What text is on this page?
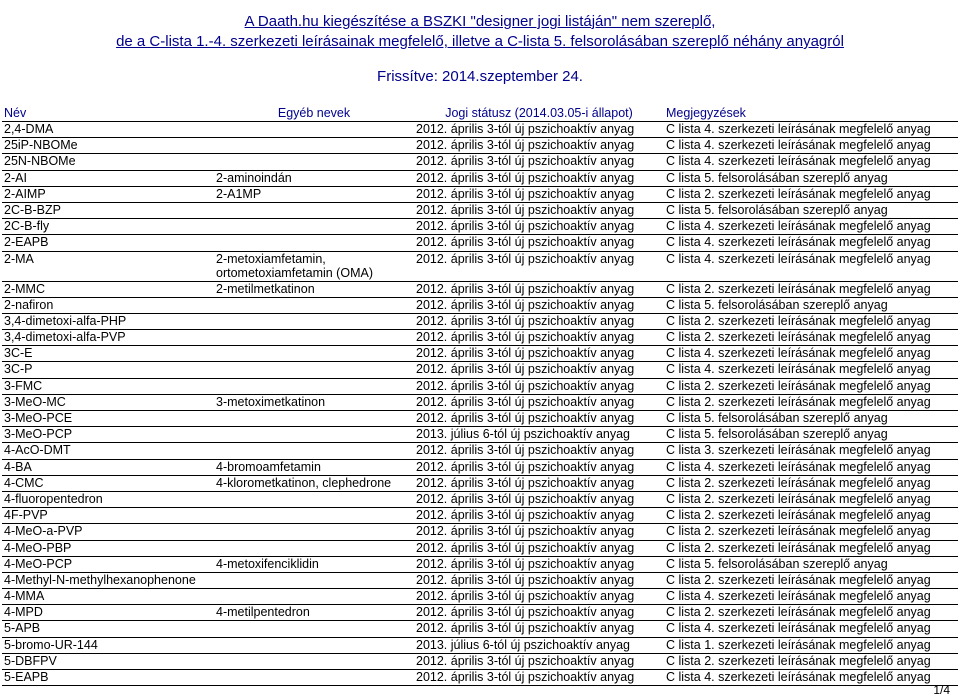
A Daath.hu kiegészítése a BSZKI "designer jogi listáján" nem szereplő,
de a C-lista 1.-4. szerkezeti leírásainak megfelelő, illetve a C-lista 5. felsorolásában szereplő néhány anyagról
Frissítve: 2014.szeptember 24.
Név	Egyéb nevek	Jogi státusz (2014.03.05-i állapot)	Megjegyzések
2,4-DMA		2012. április 3-tól új pszichoaktív anyag	C lista 4. szerkezeti leírásának megfelelő anyag
25iP-NBOMe		2012. április 3-tól új pszichoaktív anyag	C lista 4. szerkezeti leírásának megfelelő anyag
25N-NBOMe		2012. április 3-tól új pszichoaktív anyag	C lista 4. szerkezeti leírásának megfelelő anyag
2-AI	2-aminoindán	2012. április 3-tól új pszichoaktív anyag	C lista 5. felsorolásában szereplő anyag
2-AIMP	2-A1MP	2012. április 3-tól új pszichoaktív anyag	C lista 2. szerkezeti leírásának megfelelő anyag
2C-B-BZP		2012. április 3-tól új pszichoaktív anyag	C lista 5. felsorolásában szereplő anyag
2C-B-fly		2012. április 3-tól új pszichoaktív anyag	C lista 4. szerkezeti leírásának megfelelő anyag
2-EAPB		2012. április 3-tól új pszichoaktív anyag	C lista 4. szerkezeti leírásának megfelelő anyag
2-MA	2-metoxiamfetamin, ortometoxiamfetamin (OMA)	2012. április 3-tól új pszichoaktív anyag	C lista 4. szerkezeti leírásának megfelelő anyag
2-MMC	2-metilmetkatinon	2012. április 3-tól új pszichoaktív anyag	C lista 2. szerkezeti leírásának megfelelő anyag
2-nafiron		2012. április 3-tól új pszichoaktív anyag	C lista 5. felsorolásában szereplő anyag
3,4-dimetoxi-alfa-PHP		2012. április 3-tól új pszichoaktív anyag	C lista 2. szerkezeti leírásának megfelelő anyag
3,4-dimetoxi-alfa-PVP		2012. április 3-tól új pszichoaktív anyag	C lista 2. szerkezeti leírásának megfelelő anyag
3C-E		2012. április 3-tól új pszichoaktív anyag	C lista 4. szerkezeti leírásának megfelelő anyag
3C-P		2012. április 3-tól új pszichoaktív anyag	C lista 4. szerkezeti leírásának megfelelő anyag
3-FMC		2012. április 3-tól új pszichoaktív anyag	C lista 2. szerkezeti leírásának megfelelő anyag
3-MeO-MC	3-metoximetkatinon	2012. április 3-tól új pszichoaktív anyag	C lista 2. szerkezeti leírásának megfelelő anyag
3-MeO-PCE		2012. április 3-tól új pszichoaktív anyag	C lista 5. felsorolásában szereplő anyag
3-MeO-PCP		2013. július 6-tól új pszichoaktív anyag	C lista 5. felsorolásában szereplő anyag
4-AcO-DMT		2012. április 3-tól új pszichoaktív anyag	C lista 3. szerkezeti leírásának megfelelő anyag
4-BA	4-bromoamfetamin	2012. április 3-tól új pszichoaktív anyag	C lista 4. szerkezeti leírásának megfelelő anyag
4-CMC	4-klorometkatinon, clephedrone	2012. április 3-tól új pszichoaktív anyag	C lista 2. szerkezeti leírásának megfelelő anyag
4-fluoropentedron		2012. április 3-tól új pszichoaktív anyag	C lista 2. szerkezeti leírásának megfelelő anyag
4F-PVP		2012. április 3-tól új pszichoaktív anyag	C lista 2. szerkezeti leírásának megfelelő anyag
4-MeO-a-PVP		2012. április 3-tól új pszichoaktív anyag	C lista 2. szerkezeti leírásának megfelelő anyag
4-MeO-PBP		2012. április 3-tól új pszichoaktív anyag	C lista 2. szerkezeti leírásának megfelelő anyag
4-MeO-PCP	4-metoxifenciklidin	2012. április 3-tól új pszichoaktív anyag	C lista 5. felsorolásában szereplő anyag
4-Methyl-N-methylhexanophenone		2012. április 3-tól új pszichoaktív anyag	C lista 2. szerkezeti leírásának megfelelő anyag
4-MMA		2012. április 3-tól új pszichoaktív anyag	C lista 4. szerkezeti leírásának megfelelő anyag
4-MPD	4-metilpentedron	2012. április 3-tól új pszichoaktív anyag	C lista 2. szerkezeti leírásának megfelelő anyag
5-APB		2012. április 3-tól új pszichoaktív anyag	C lista 4. szerkezeti leírásának megfelelő anyag
5-bromo-UR-144		2013. július 6-tól új pszichoaktív anyag	C lista 1. szerkezeti leírásának megfelelő anyag
5-DBFPV		2012. április 3-tól új pszichoaktív anyag	C lista 2. szerkezeti leírásának megfelelő anyag
5-EAPB		2012. április 3-tól új pszichoaktív anyag	C lista 4. szerkezeti leírásának megfelelő anyag
1/4
